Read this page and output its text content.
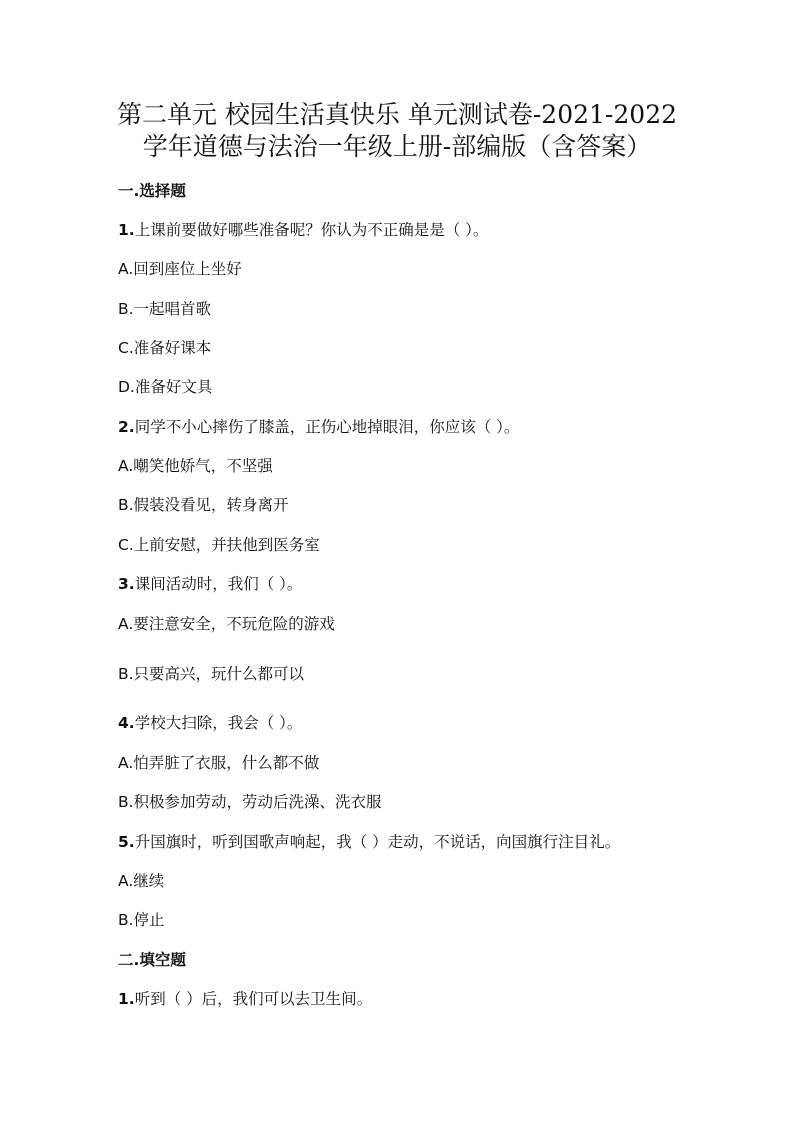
第二单元 校园生活真快乐 单元测试卷-2021-2022
学年道德与法治一年级上册-部编版（含答案）
一.选择题
1.上课前要做好哪些准备呢？你认为不正确是是（ ）。
A.回到座位上坐好
B.一起唱首歌
C.准备好课本
D.准备好文具
2.同学不小心摔伤了膝盖，正伤心地掉眼泪，你应该（ ）。
A.嘲笑他娇气，不坚强
B.假装没看见，转身离开
C.上前安慰，并扶他到医务室
3.课间活动时，我们（ ）。
A.要注意安全，不玩危险的游戏
B.只要高兴，玩什么都可以
4.学校大扫除，我会（ ）。
A.怕弄脏了衣服，什么都不做
B.积极参加劳动，劳动后洗澡、洗衣服
5.升国旗时，听到国歌声响起，我（ ）走动，不说话，向国旗行注目礼。
A.继续
B.停止
二.填空题
1.听到（ ）后，我们可以去卫生间。
